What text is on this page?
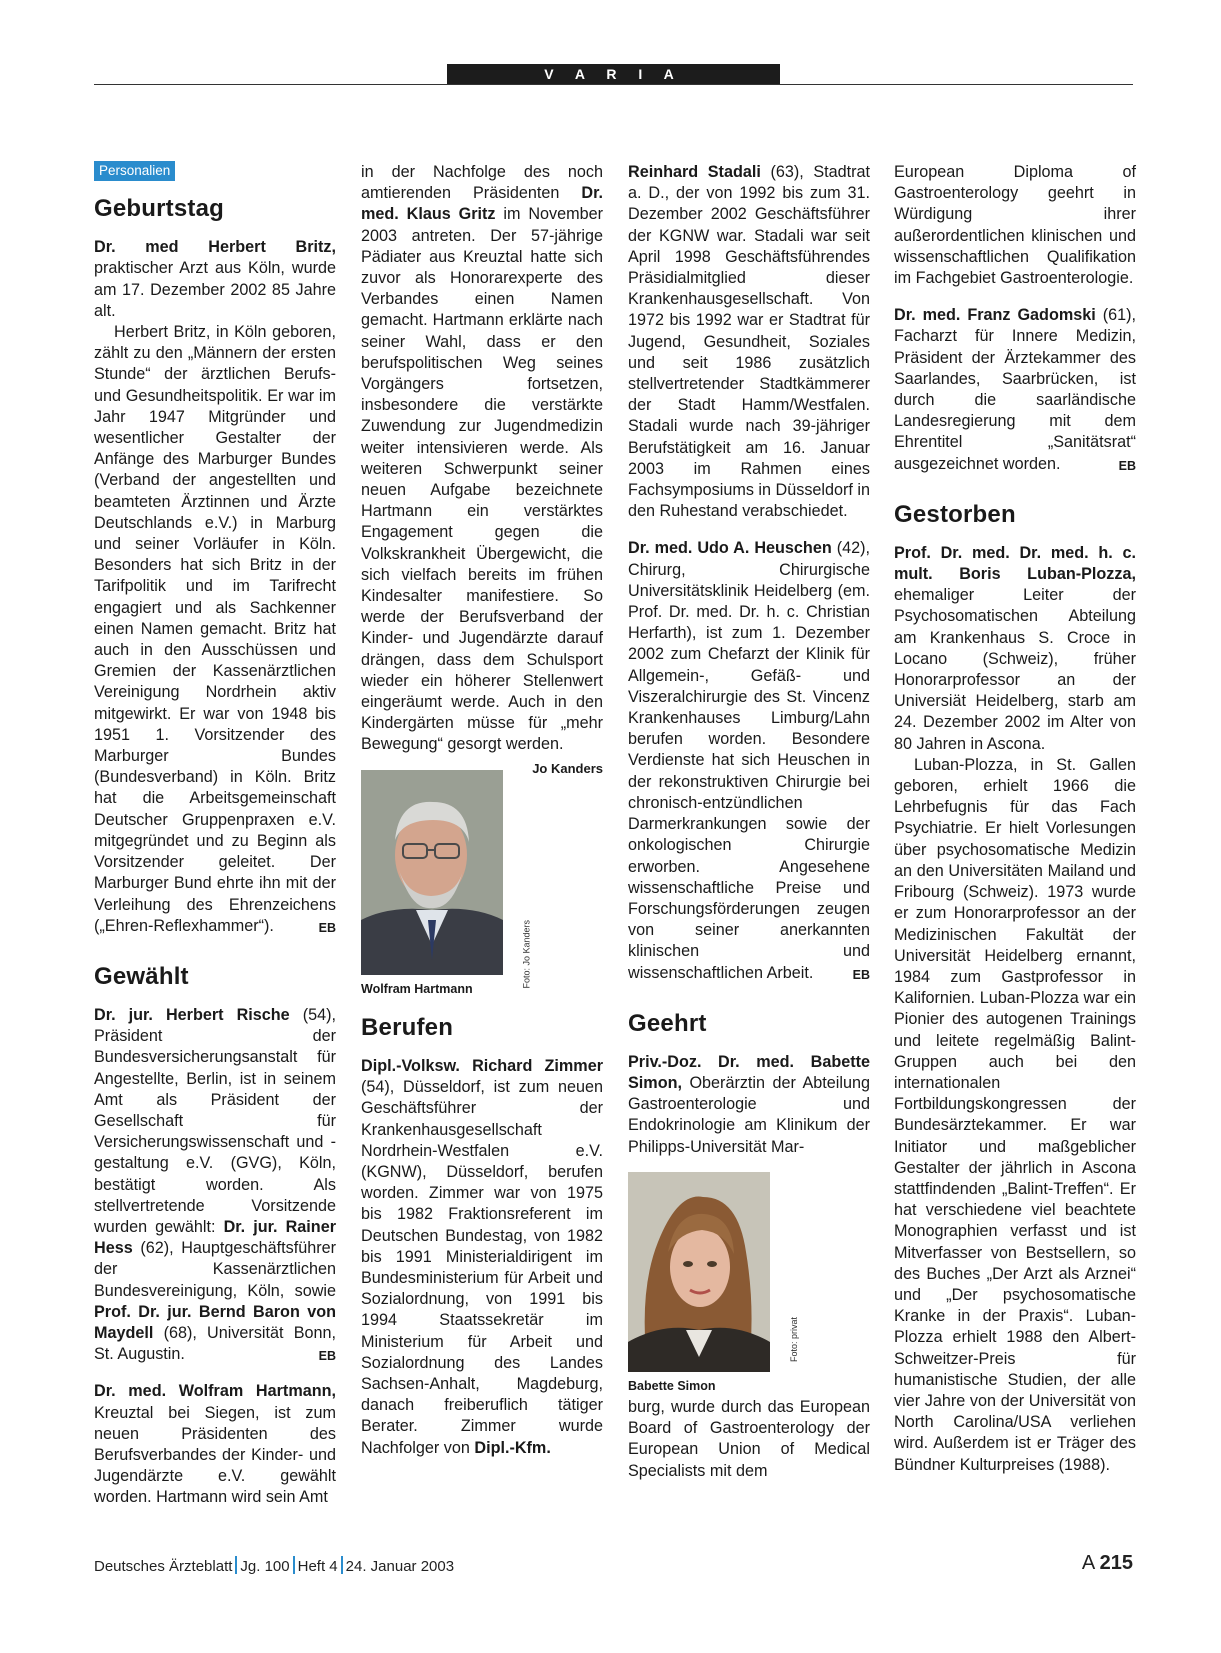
V A R I A
Personalien
Geburtstag

Dr. med Herbert Britz, praktischer Arzt aus Köln, wurde am 17. Dezember 2002 85 Jahre alt.

Herbert Britz, in Köln geboren, zählt zu den „Männern der ersten Stunde“ der ärztlichen Berufs- und Gesundheitspolitik. Er war im Jahr 1947 Mitgründer und wesentlicher Gestalter der Anfänge des Marburger Bundes (Verband der angestellten und beamteten Ärztinnen und Ärzte Deutschlands e.V.) in Marburg und seiner Vorläufer in Köln. Besonders hat sich Britz in der Tarifpolitik und im Tarifrecht engagiert und als Sachkenner einen Namen gemacht. Britz hat auch in den Ausschüssen und Gremien der Kassenärztlichen Vereinigung Nordrhein aktiv mitgewirkt. Er war von 1948 bis 1951 1. Vorsitzender des Marburger Bundes (Bundesverband) in Köln. Britz hat die Arbeitsgemeinschaft Deutscher Gruppenpraxen e.V. mitgegründet und zu Beginn als Vorsitzender geleitet. Der Marburger Bund ehrte ihn mit der Verleihung des Ehrenzeichens („Ehren-Reflexhammer“).	EB

Gewählt

Dr. jur. Herbert Rische (54), Präsident der Bundesversicherungsanstalt für Angestellte, Berlin, ist in seinem Amt als Präsident der Gesellschaft für Versicherungswissenschaft und -gestaltung e.V. (GVG), Köln, bestätigt worden. Als stellvertretende Vorsitzende wurden gewählt: Dr. jur. Rainer Hess (62), Hauptgeschäftsführer der Kassenärztlichen Bundesvereinigung, Köln, sowie Prof. Dr. jur. Bernd Baron von Maydell (68), Universität Bonn, St. Augustin.	EB

Dr. med. Wolfram Hartmann, Kreuztal bei Siegen, ist zum neuen Präsidenten des Berufsverbandes der Kinder- und Jugendärzte e.V. gewählt worden. Hartmann wird sein Amt

in der Nachfolge des noch amtierenden Präsidenten Dr. med. Klaus Gritz im November 2003 antreten. Der 57-jährige Pädiater aus Kreuztal hatte sich zuvor als Honorarexperte des Verbandes einen Namen gemacht. Hartmann erklärte nach seiner Wahl, dass er den berufspolitischen Weg seines Vorgängers fortsetzen, insbesondere die verstärkte Zuwendung zur Jugendmedizin weiter intensivieren werde. Als weiteren Schwerpunkt seiner neuen Aufgabe bezeichnete Hartmann ein verstärktes Engagement gegen die Volkskrankheit Übergewicht, die sich vielfach bereits im frühen Kindesalter manifestiere. So werde der Berufsverband der Kinder- und Jugendärzte darauf drängen, dass dem Schulsport wieder ein höherer Stellenwert eingeräumt werde. Auch in den Kindergärten müsse für „mehr Bewegung“ gesorgt werden.
Jo Kanders

Foto: Jo Kanders

Wolfram Hartmann

Berufen

Dipl.-Volksw. Richard Zimmer (54), Düsseldorf, ist zum neuen Geschäftsführer der Krankenhausgesellschaft Nordrhein-Westfalen e.V. (KGNW), Düsseldorf, berufen worden. Zimmer war von 1975 bis 1982 Fraktionsreferent im Deutschen Bundestag, von 1982 bis 1991 Ministerialdirigent im Bundesministerium für Arbeit und Sozialordnung, von 1991 bis 1994 Staatssekretär im Ministerium für Arbeit und Sozialordnung des Landes Sachsen-Anhalt, Magdeburg, danach freiberuflich tätiger Berater. Zimmer wurde Nachfolger von Dipl.-Kfm.

Reinhard Stadali (63), Stadtrat a. D., der von 1992 bis zum 31. Dezember 2002 Geschäftsführer der KGNW war. Stadali war seit April 1998 Geschäftsführendes Präsidialmitglied dieser Krankenhausgesellschaft. Von 1972 bis 1992 war er Stadtrat für Jugend, Gesundheit, Soziales und seit 1986 zusätzlich stellvertretender Stadtkämmerer der Stadt Hamm/Westfalen. Stadali wurde nach 39-jähriger Berufstätigkeit am 16. Januar 2003 im Rahmen eines Fachsymposiums in Düsseldorf in den Ruhestand verabschiedet.

Dr. med. Udo A. Heuschen (42), Chirurg, Chirurgische Universitätsklinik Heidelberg (em. Prof. Dr. med. Dr. h. c. Christian Herfarth), ist zum 1. Dezember 2002 zum Chefarzt der Klinik für Allgemein-, Gefäß- und Viszeralchirurgie des St. Vincenz Krankenhauses Limburg/Lahn berufen worden. Besondere Verdienste hat sich Heuschen in der rekonstruktiven Chirurgie bei chronisch-entzündlichen Darmerkrankungen sowie der onkologischen Chirurgie erworben. Angesehene wissenschaftliche Preise und Forschungsförderungen zeugen von seiner anerkannten klinischen und wissenschaftlichen Arbeit.	EB

Geehrt

Priv.-Doz. Dr. med. Babette Simon, Oberärztin der Abteilung Gastroenterologie und Endokrinologie am Klinikum der Philipps-Universität Mar-

Foto: privat

Babette Simon

burg, wurde durch das European Board of Gastroenterology der European Union of Medical Specialists mit dem

European Diploma of Gastroenterology geehrt in Würdigung ihrer außerordentlichen klinischen und wissenschaftlichen Qualifikation im Fachgebiet Gastroenterologie.

Dr. med. Franz Gadomski (61), Facharzt für Innere Medizin, Präsident der Ärztekammer des Saarlandes, Saarbrücken, ist durch die saarländische Landesregierung mit dem Ehrentitel „Sanitätsrat“ ausgezeichnet worden.	EB

Gestorben

Prof. Dr. med. Dr. med. h. c. mult. Boris Luban-Plozza, ehemaliger Leiter der Psychosomatischen Abteilung am Krankenhaus S. Croce in Locano (Schweiz), früher Honorarprofessor an der Universiät Heidelberg, starb am 24. Dezember 2002 im Alter von 80 Jahren in Ascona.

Luban-Plozza, in St. Gallen geboren, erhielt 1966 die Lehrbefugnis für das Fach Psychiatrie. Er hielt Vorlesungen über psychosomatische Medizin an den Universitäten Mailand und Fribourg (Schweiz). 1973 wurde er zum Honorarprofessor an der Medizinischen Fakultät der Universität Heidelberg ernannt, 1984 zum Gastprofessor in Kalifornien. Luban-Plozza war ein Pionier des autogenen Trainings und leitete regelmäßig Balint-Gruppen auch bei den internationalen Fortbildungskongressen der Bundesärztekammer. Er war Initiator und maßgeblicher Gestalter der jährlich in Ascona stattfindenden „Balint-Treffen“. Er hat verschiedene viel beachtete Monographien verfasst und ist Mitverfasser von Bestsellern, so des Buches „Der Arzt als Arznei“ und „Der psychosomatische Kranke in der Praxis“. Luban-Plozza erhielt 1988 den Albert-Schweitzer-Preis für humanistische Studien, der alle vier Jahre von der Universität von North Carolina/USA verliehen wird. Außerdem ist er Träger des Bündner Kulturpreises (1988).

Deutsches Ärzteblatt Jg. 100 Heft 4 24. Januar 2003	A 215
